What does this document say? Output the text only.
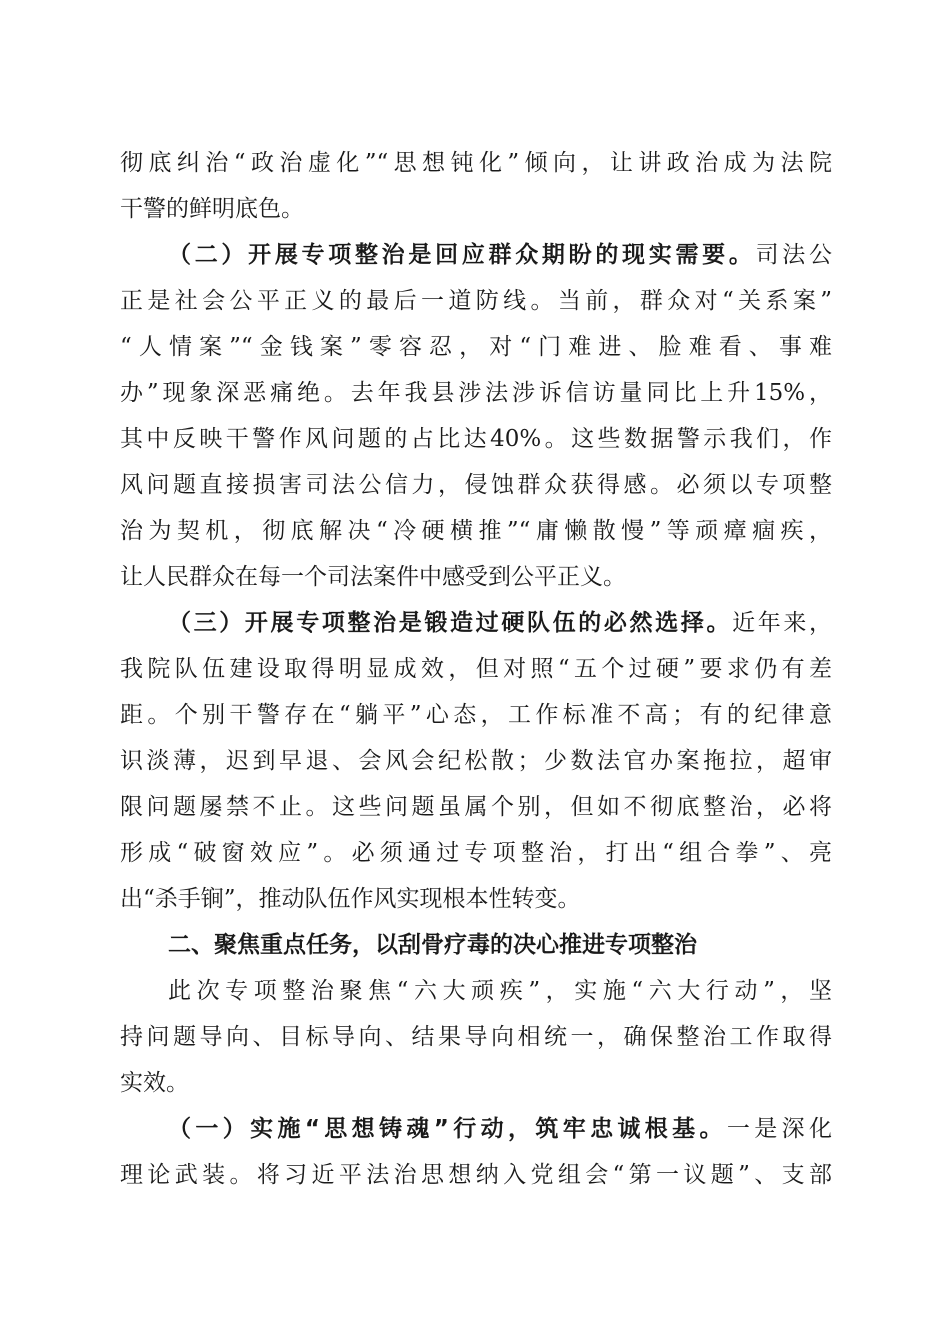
彻底纠治“政治虚化”“思想钝化”倾向，让讲政治成为法院
干警的鲜明底色。
（二）开展专项整治是回应群众期盼的现实需要。司法公
正是社会公平正义的最后一道防线。当前，群众对“关系案”
“人情案”“金钱案”零容忍，对“门难进、脸难看、事难
办”现象深恶痛绝。去年我县涉法涉诉信访量同比上升15%，
其中反映干警作风问题的占比达40%。这些数据警示我们，作
风问题直接损害司法公信力，侵蚀群众获得感。必须以专项整
治为契机，彻底解决“冷硬横推”“庸懒散慢”等顽瘴痼疾，
让人民群众在每一个司法案件中感受到公平正义。
（三）开展专项整治是锻造过硬队伍的必然选择。近年来，
我院队伍建设取得明显成效，但对照“五个过硬”要求仍有差
距。个别干警存在“躺平”心态，工作标准不高；有的纪律意
识淡薄，迟到早退、会风会纪松散；少数法官办案拖拉，超审
限问题屡禁不止。这些问题虽属个别，但如不彻底整治，必将
形成“破窗效应”。必须通过专项整治，打出“组合拳”、亮
出“杀手锏”，推动队伍作风实现根本性转变。
二、聚焦重点任务，以刮骨疗毒的决心推进专项整治
此次专项整治聚焦“六大顽疾”，实施“六大行动”，坚
持问题导向、目标导向、结果导向相统一，确保整治工作取得
实效。
（一）实施“思想铸魂”行动，筑牢忠诚根基。一是深化
理论武装。将习近平法治思想纳入党组会“第一议题”、支部
